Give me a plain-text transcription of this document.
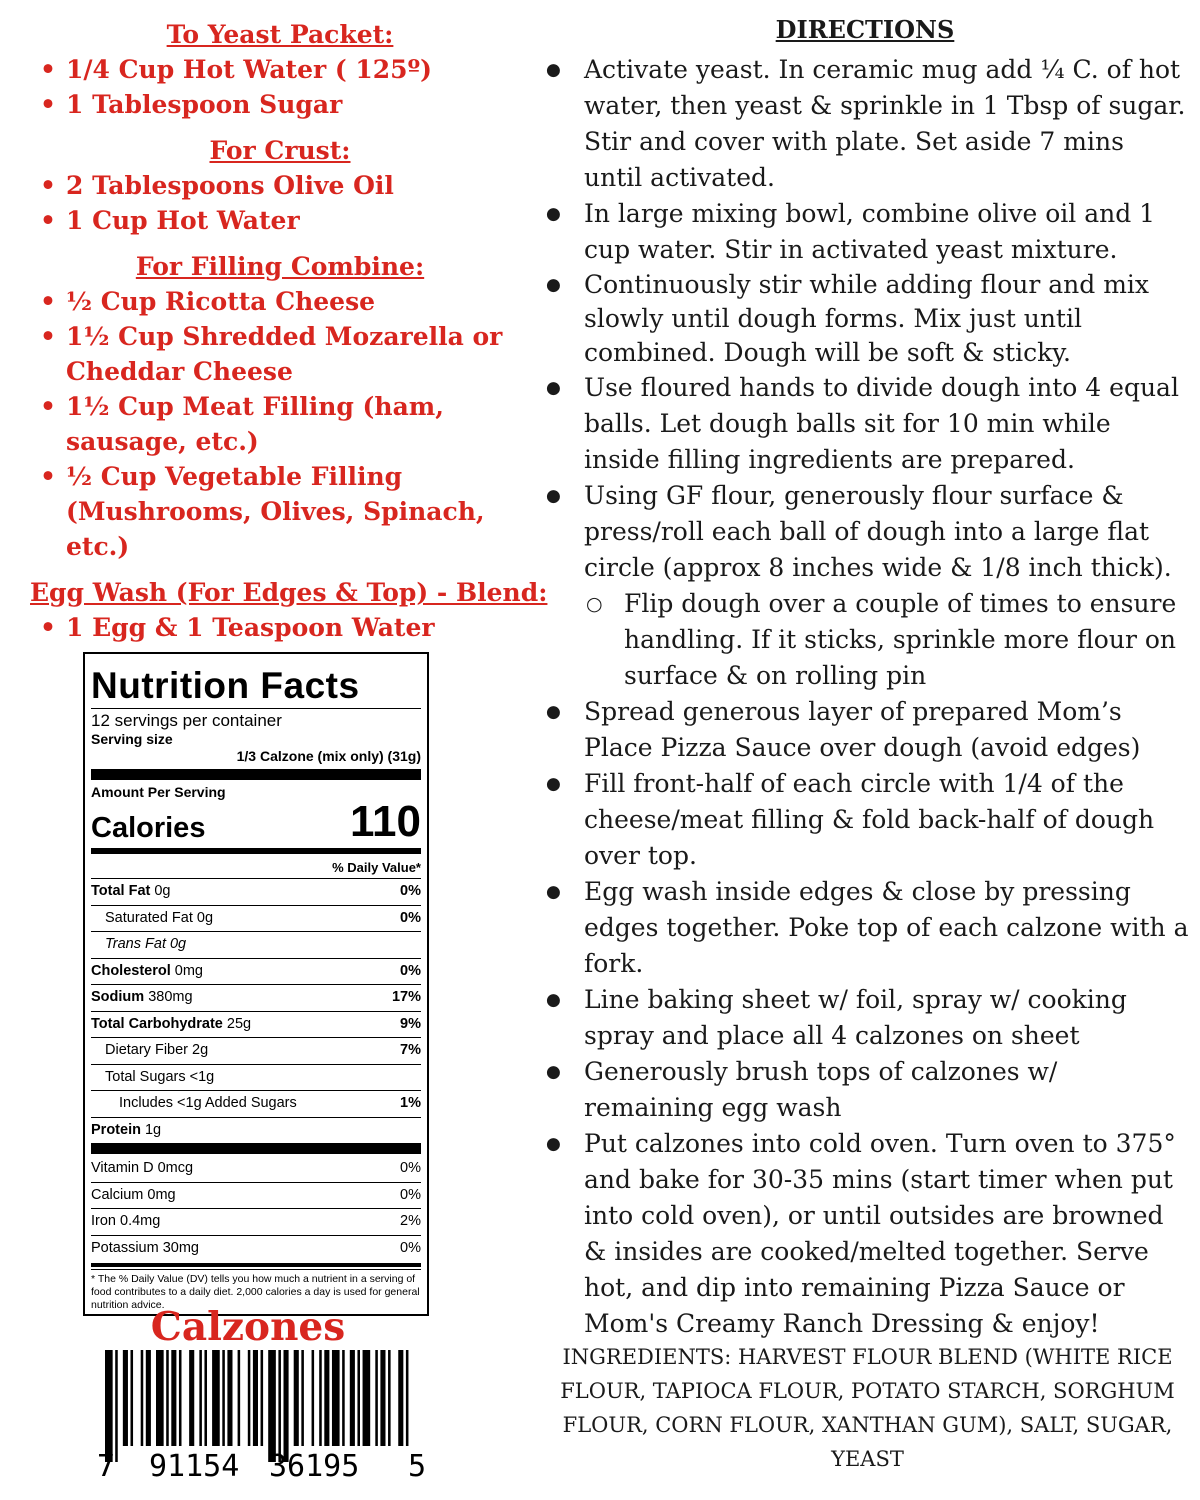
To Yeast Packet:

• 1/4 Cup Hot Water ( 125º)
• 1 Tablespoon Sugar

For Crust:

• 2 Tablespoons Olive Oil
• 1 Cup Hot Water

For Filling Combine:

• ½ Cup Ricotta Cheese
• 1½ Cup Shredded Mozarella or Cheddar Cheese
• 1½ Cup Meat Filling (ham, sausage, etc.)
• ½ Cup Vegetable Filling (Mushrooms, Olives, Spinach, etc.)

Egg Wash (For Edges & Top) - Blend:

• 1 Egg & 1 Teaspoon Water
Nutrition Facts
12 servings per container
Serving size
1/3 Calzone (mix only) (31g)
Amount Per Serving
Calories	110
% Daily Value*
Total Fat 0g	0%
Saturated Fat 0g	0%
Trans Fat 0g
Cholesterol 0mg	0%
Sodium 380mg	17%
Total Carbohydrate 25g	9%
Dietary Fiber 2g	7%
Total Sugars <1g
Includes <1g Added Sugars	1%
Protein 1g
Vitamin D 0mcg	0%
Calcium 0mg	0%
Iron 0.4mg	2%
Potassium 30mg	0%
* The % Daily Value (DV) tells you how much a nutrient in a serving of food contributes to a daily diet. 2,000 calories a day is used for general nutrition advice.
Calzones
7 91154 36195 5

DIRECTIONS

● Activate yeast. In ceramic mug add ¼ C. of hot water, then yeast & sprinkle in 1 Tbsp of sugar. Stir and cover with plate. Set aside 7 mins until activated.
● In large mixing bowl, combine olive oil and 1 cup water. Stir in activated yeast mixture.
● Continuously stir while adding flour and mix slowly until dough forms. Mix just until combined. Dough will be soft & sticky.
● Use floured hands to divide dough into 4 equal balls. Let dough balls sit for 10 min while inside filling ingredients are prepared.
● Using GF flour, generously flour surface & press/roll each ball of dough into a large flat circle (approx 8 inches wide & 1/8 inch thick).
○ Flip dough over a couple of times to ensure handling. If it sticks, sprinkle more flour on surface & on rolling pin
● Spread generous layer of prepared Mom’s Place Pizza Sauce over dough (avoid edges)
● Fill front-half of each circle with 1/4 of the cheese/meat filling & fold back-half of dough over top.
● Egg wash inside edges & close by pressing edges together. Poke top of each calzone with a fork.
● Line baking sheet w/ foil, spray w/ cooking spray and place all 4 calzones on sheet
● Generously brush tops of calzones w/ remaining egg wash
● Put calzones into cold oven. Turn oven to 375° and bake for 30-35 mins (start timer when put into cold oven), or until outsides are browned & insides are cooked/melted together. Serve hot, and dip into remaining Pizza Sauce or Mom's Creamy Ranch Dressing & enjoy!
INGREDIENTS: HARVEST FLOUR BLEND (WHITE RICE FLOUR, TAPIOCA FLOUR, POTATO STARCH, SORGHUM FLOUR, CORN FLOUR, XANTHAN GUM), SALT, SUGAR, YEAST
